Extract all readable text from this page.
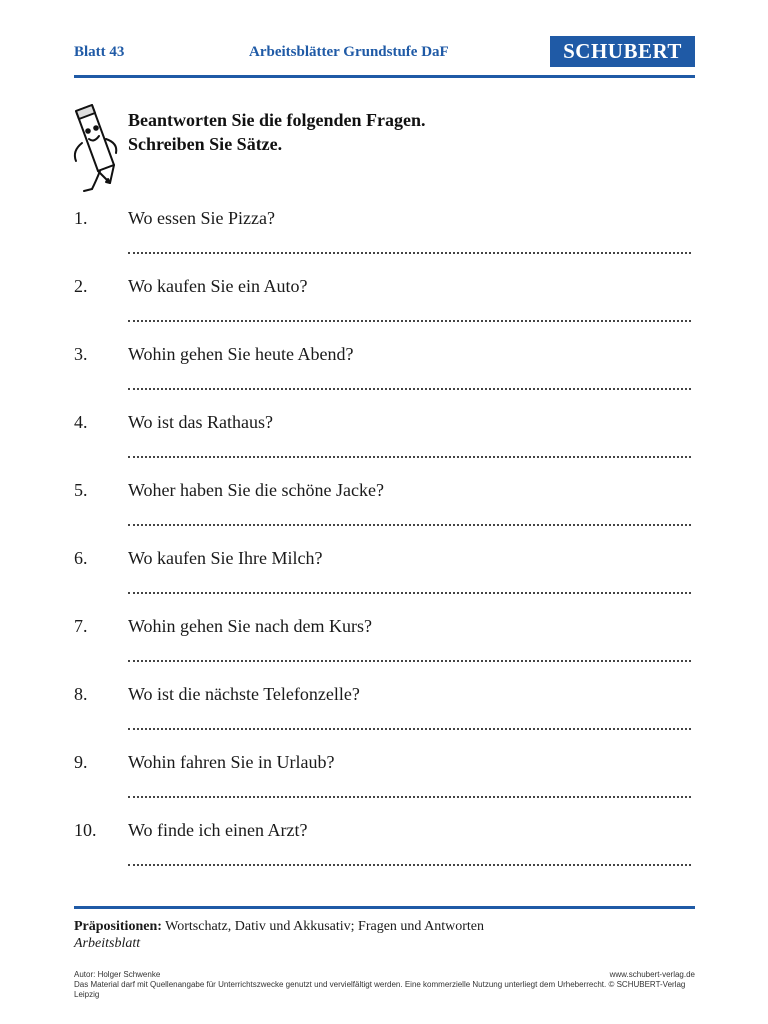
Blatt 43	Arbeitsblätter Grundstufe DaF	SCHUBERT
Beantworten Sie die folgenden Fragen.
Schreiben Sie Sätze.
1. Wo essen Sie Pizza?
2. Wo kaufen Sie ein Auto?
3. Wohin gehen Sie heute Abend?
4. Wo ist das Rathaus?
5. Woher haben Sie die schöne Jacke?
6. Wo kaufen Sie Ihre Milch?
7. Wohin gehen Sie nach dem Kurs?
8. Wo ist die nächste Telefonzelle?
9. Wohin fahren Sie in Urlaub?
10. Wo finde ich einen Arzt?
Präpositionen: Wortschatz, Dativ und Akkusativ; Fragen und Antworten
Arbeitsblatt
Autor: Holger Schwenke	www.schubert-verlag.de
Das Material darf mit Quellenangabe für Unterrichtszwecke genutzt und vervielfältigt werden. Eine kommerzielle Nutzung unterliegt dem Urheberrecht. © SCHUBERT-Verlag Leipzig
